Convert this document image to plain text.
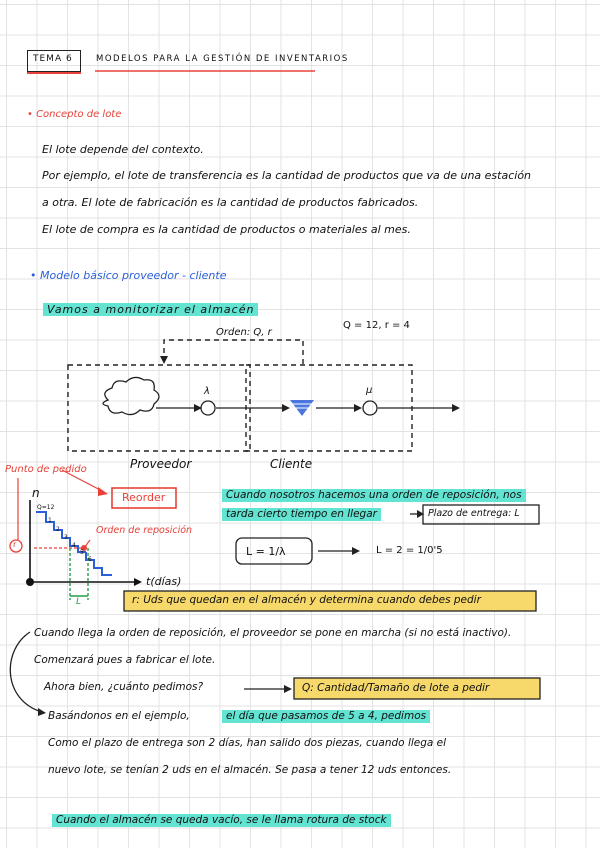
TEMA 6	MODELOS PARA LA GESTIÓN DE INVENTARIOS
• Concepto de lote
El lote depende del contexto.
Por ejemplo, el lote de transferencia es la cantidad de productos que va de una estación
a otra. El lote de fabricación es la cantidad de productos fabricados.
El lote de compra es la cantidad de productos o materiales al mes.
• Modelo básico proveedor - cliente
Vamos a monitorizar el almacén
Orden: Q, r
Q = 12, r = 4
λ	μ
Proveedor	Cliente
Punto de pedido
Reorder
Orden de reposición
n
t(días)
r
Q=12
L
Cuando nosotros hacemos una orden de reposición, nos
tarda cierto tiempo en llegar	Plazo de entrega: L
L = 1/λ	L = 2 = 1/0'5
r: Uds que quedan en el almacén y determina cuando debes pedir
Cuando llega la orden de reposición, el proveedor se pone en marcha (si no está inactivo).
Comenzará pues a fabricar el lote.
Ahora bien, ¿cuánto pedimos?	Q: Cantidad/Tamaño de lote a pedir
Basándonos en el ejemplo,	el día que pasamos de 5 a 4, pedimos
Como el plazo de entrega son 2 días, han salido dos piezas, cuando llega el
nuevo lote, se tenían 2 uds en el almacén. Se pasa a tener 12 uds entonces.
Cuando el almacén se queda vacío, se le llama rotura de stock
1
2
3
4
5
6
